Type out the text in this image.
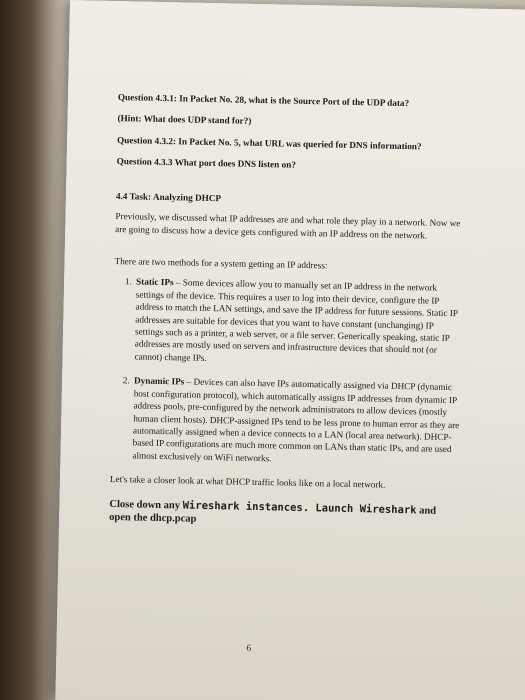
Question 4.3.1: In Packet No. 28, what is the Source Port of the UDP data?

(Hint: What does UDP stand for?)

Question 4.3.2: In Packet No. 5, what URL was queried for DNS information?

Question 4.3.3 What port does DNS listen on?

4.4 Task: Analyzing DHCP

Previously, we discussed what IP addresses are and what role they play in a network. Now we are going to discuss how a device gets configured with an IP address on the network.

There are two methods for a system getting an IP address:

1. Static IPs – Some devices allow you to manually set an IP address in the network settings of the device. This requires a user to log into their device, configure the IP address to match the LAN settings, and save the IP address for future sessions. Static IP addresses are suitable for devices that you want to have constant (unchanging) IP settings such as a printer, a web server, or a file server. Generically speaking, static IP addresses are mostly used on servers and infrastructure devices that should not (or cannot) change IPs.
2. Dynamic IPs – Devices can also have IPs automatically assigned via DHCP (dynamic host configuration protocol), which automatically assigns IP addresses from dynamic IP address pools, pre-configured by the network administrators to allow devices (mostly human client hosts). DHCP-assigned IPs tend to be less prone to human error as they are automatically assigned when a device connects to a LAN (local area network). DHCP-based IP configurations are much more common on LANs than static IPs, and are used almost exclusively on WiFi networks.

Let's take a closer look at what DHCP traffic looks like on a local network.

Close down any Wireshark instances. Launch Wireshark and open the dhcp.pcap

6
